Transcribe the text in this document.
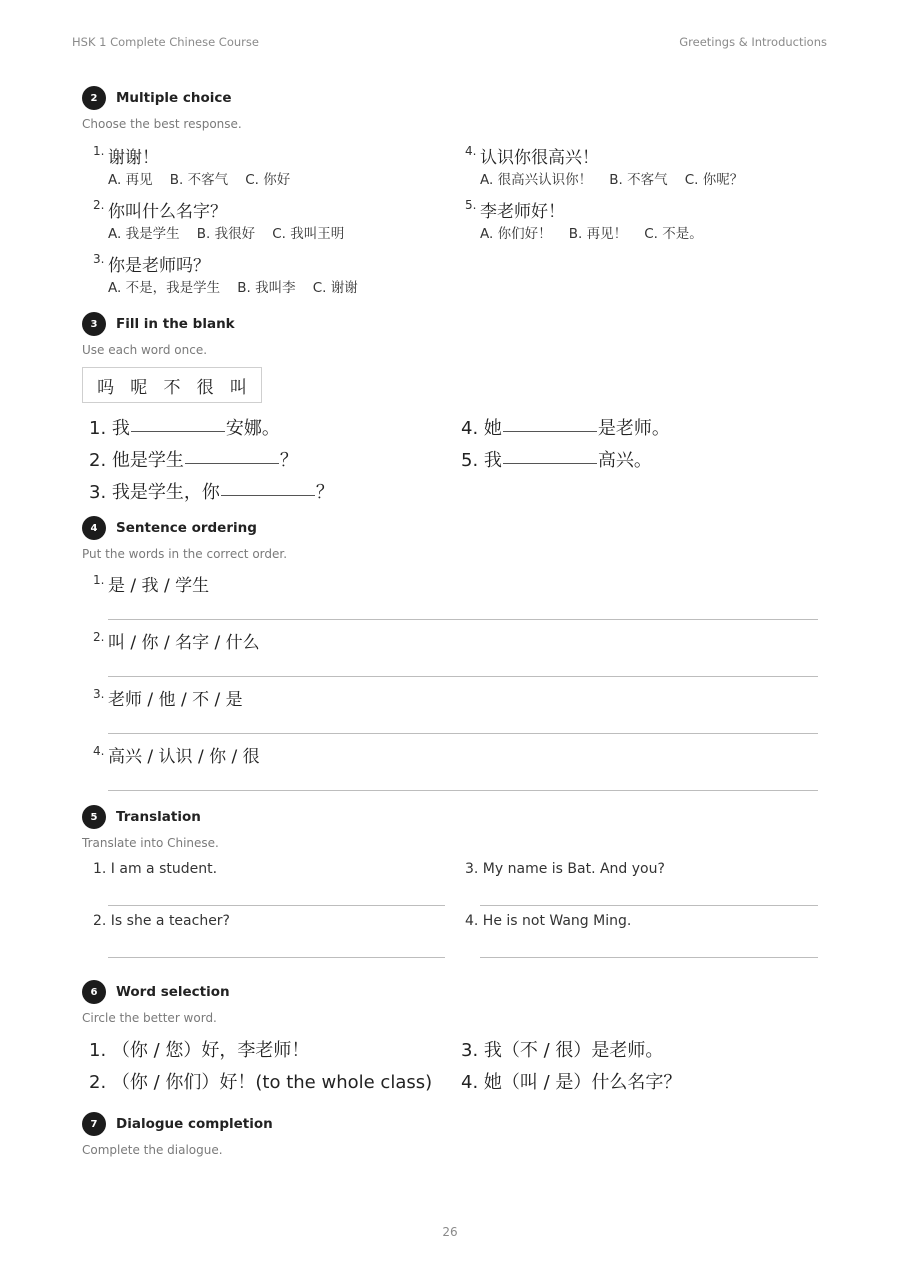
HSK 1 Complete Chinese Course	Greetings & Introductions
2	Multiple choice
Choose the best response.
1. 谢谢！
A. 再见    B. 不客气    C. 你好
2. 你叫什么名字？
A. 我是学生    B. 我很好    C. 我叫王明
3. 你是老师吗？
A. 不是，我是学生    B. 我叫李    C. 谢谢
4. 认识你很高兴！
A. 很高兴认识你！    B. 不客气    C. 你呢？
5. 李老师好！
A. 你们好！    B. 再见！    C. 不是。
3	Fill in the blank
Use each word once.
吗 呢 不 很 叫
1. 我	安娜。
2. 他是学生	？
3. 我是学生，你	？
4. 她	是老师。
5. 我	高兴。
4	Sentence ordering
Put the words in the correct order.
1. 是 / 我 / 学生
2. 叫 / 你 / 名字 / 什么
3. 老师 / 他 / 不 / 是
4. 高兴 / 认识 / 你 / 很
5	Translation
Translate into Chinese.
1. I am a student.
2. Is she a teacher?
3. My name is Bat. And you?
4. He is not Wang Ming.
6	Word selection
Circle the better word.
1. （你 / 您）好，李老师！
2. （你 / 你们）好！(to the whole class)
3. 我（不 / 很）是老师。
4. 她（叫 / 是）什么名字？
7	Dialogue completion
Complete the dialogue.
26
